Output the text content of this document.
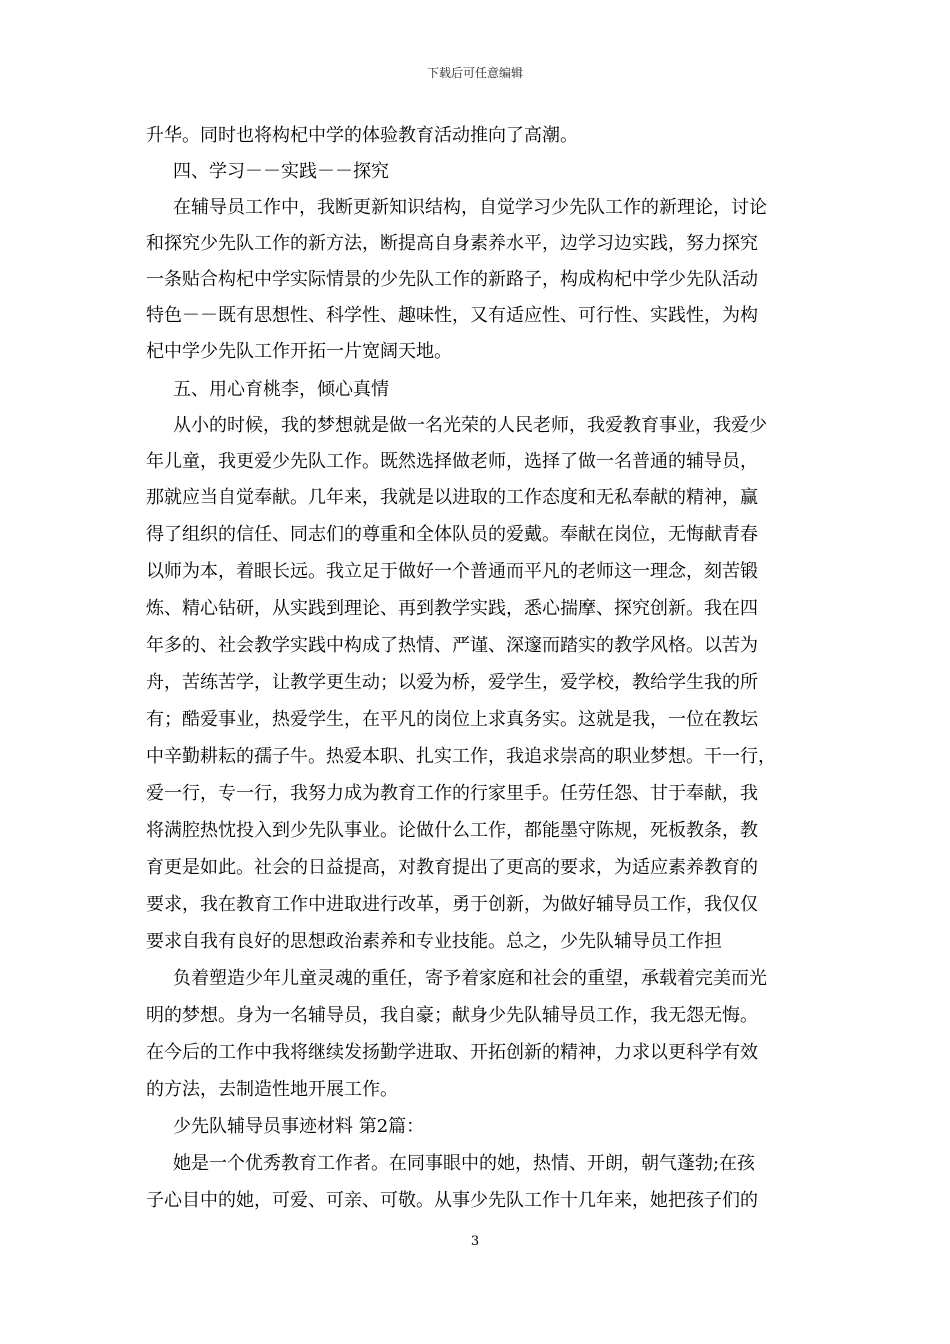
下载后可任意编辑
升华。同时也将构杞中学的体验教育活动推向了高潮。
四、学习－－实践－－探究
在辅导员工作中，我断更新知识结构，自觉学习少先队工作的新理论，讨论
和探究少先队工作的新方法，断提高自身素养水平，边学习边实践，努力探究
一条贴合构杞中学实际情景的少先队工作的新路子，构成构杞中学少先队活动
特色－－既有思想性、科学性、趣味性，又有适应性、可行性、实践性，为构
杞中学少先队工作开拓一片宽阔天地。
五、用心育桃李，倾心真情
从小的时候，我的梦想就是做一名光荣的人民老师，我爱教育事业，我爱少
年儿童，我更爱少先队工作。既然选择做老师，选择了做一名普通的辅导员，
那就应当自觉奉献。几年来，我就是以进取的工作态度和无私奉献的精神，赢
得了组织的信任、同志们的尊重和全体队员的爱戴。奉献在岗位，无悔献青春
以师为本，着眼长远。我立足于做好一个普通而平凡的老师这一理念，刻苦锻
炼、精心钻研，从实践到理论、再到教学实践，悉心揣摩、探究创新。我在四
年多的、社会教学实践中构成了热情、严谨、深邃而踏实的教学风格。以苦为
舟，苦练苦学，让教学更生动；以爱为桥，爱学生，爱学校，教给学生我的所
有；酷爱事业，热爱学生，在平凡的岗位上求真务实。这就是我，一位在教坛
中辛勤耕耘的孺子牛。热爱本职、扎实工作，我追求崇高的职业梦想。干一行，
爱一行，专一行，我努力成为教育工作的行家里手。任劳任怨、甘于奉献，我
将满腔热忱投入到少先队事业。论做什么工作，都能墨守陈规，死板教条，教
育更是如此。社会的日益提高，对教育提出了更高的要求，为适应素养教育的
要求，我在教育工作中进取进行改革，勇于创新，为做好辅导员工作，我仅仅
要求自我有良好的思想政治素养和专业技能。总之，少先队辅导员工作担
负着塑造少年儿童灵魂的重任，寄予着家庭和社会的重望，承载着完美而光
明的梦想。身为一名辅导员，我自豪；献身少先队辅导员工作，我无怨无悔。
在今后的工作中我将继续发扬勤学进取、开拓创新的精神，力求以更科学有效
的方法，去制造性地开展工作。
少先队辅导员事迹材料 第2篇：
她是一个优秀教育工作者。在同事眼中的她，热情、开朗，朝气蓬勃;在孩
子心目中的她，可爱、可亲、可敬。从事少先队工作十几年来，她把孩子们的
3
